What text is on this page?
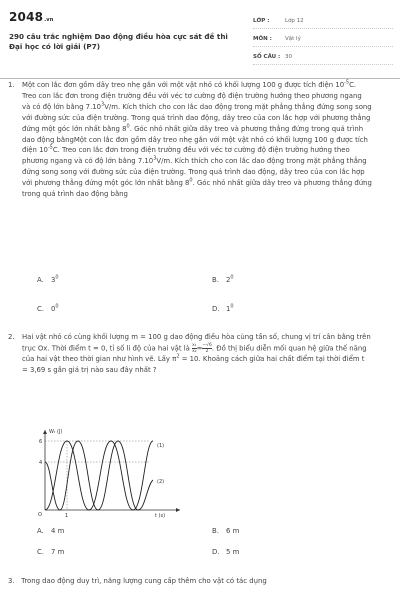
2048.vn
290 câu trắc nghiệm Dao động điều hòa cực sát đề thi Đại học có lời giải (P7)
LỚP :	Lớp 12
MÔN :	Vật lý
SỐ CÂU : 30
1. Một con lắc đơn gồm dây treo nhẹ gắn với một vật nhỏ có khối lượng 100 g được tích điện $10^{-5}C$. Treo con lắc đơn trong điện trường đều với véc tơ cường độ điện trường hướng theo phương ngang và có độ lớn bằng 7.10$^3$V/m. Kích thích cho con lắc dao động trong mặt phẳng thẳng đứng song song với đường sức của điện trường. Trong quá trình dao động, dây treo của con lắc hợp với phương thẳng đứng một góc lớn nhất bằng $8^0$. Góc nhỏ nhất giữa dây treo và phương thẳng đứng trong quá trình dao động bằngMột con lắc đơn gồm dây treo nhẹ gắn với một vật nhỏ có khối lượng 100 g được tích điện $10^{-5}C$. Treo con lắc đơn trong điện trường đều với véc tơ cường độ điện trường hướng theo phương ngang và có độ lớn bằng 7.10$^3$V/m. Kích thích cho con lắc dao động trong mặt phẳng thẳng đứng song song với đường sức của điện trường. Trong quá trình dao động, dây treo của con lắc hợp với phương thẳng đứng một góc lớn nhất bằng $8^0$. Góc nhỏ nhất giữa dây treo và phương thẳng đứng trong quá trình dao động bằng

A. $3^0$	B. $2^0$
C. $0^0$	D. $1^0$
2. Hai vật nhỏ có cùng khối lượng m = 100 g dao động điều hòa cùng tần số, chung vị trí cân bằng trên trục Ox. Thời điểm t = 0, tỉ số li độ của hai vật là $\frac{\text{x₁}}{\text{x₂}} = \frac{-√6}{2}$ . Đồ thị biểu diễn mối quan hệ giữa thế năng của hai vật theo thời gian như hình vẽ. Lấy $\pi^2 = 10$. Khoảng cách giữa hai chất điểm tại thời điểm t = 3,69 s gần giá trị nào sau đây nhất ?

Wₜ (J)
t (s)
O
6
4
1
(1)
(2)
A. 4 m	B. 6 m
C. 7 m	D. 5 m
3. Trong dao động duy trì, năng lượng cung cấp thêm cho vật có tác dụng
